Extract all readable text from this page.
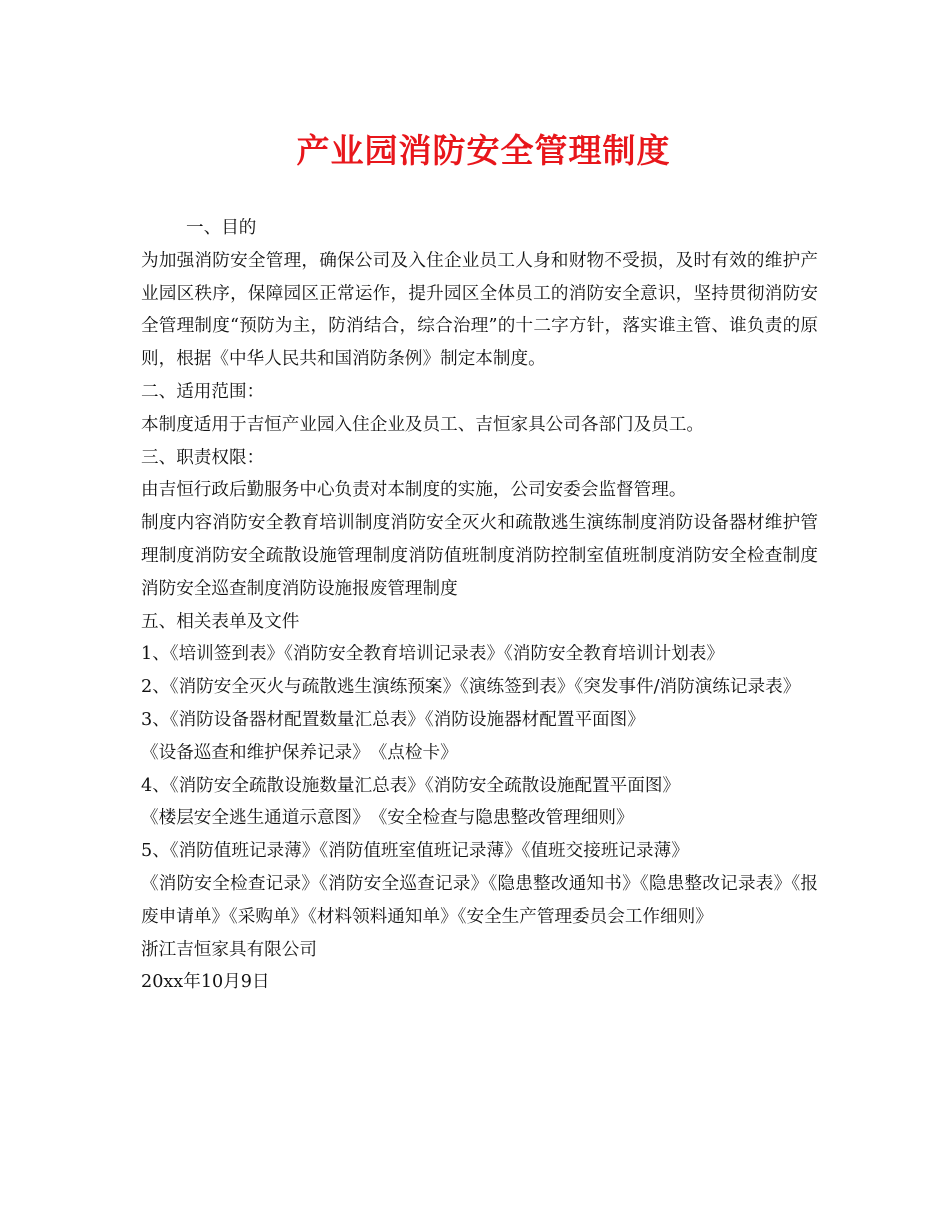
产业园消防安全管理制度

一、目的

为加强消防安全管理，确保公司及入住企业员工人身和财物不受损，及时有效的维护产业园区秩序，保障园区正常运作，提升园区全体员工的消防安全意识，坚持贯彻消防安全管理制度“预防为主，防消结合，综合治理”的十二字方针，落实谁主管、谁负责的原则，根据《中华人民共和国消防条例》制定本制度。

二、适用范围：

本制度适用于吉恒产业园入住企业及员工、吉恒家具公司各部门及员工。

三、职责权限：

由吉恒行政后勤服务中心负责对本制度的实施，公司安委会监督管理。

制度内容消防安全教育培训制度消防安全灭火和疏散逃生演练制度消防设备器材维护管理制度消防安全疏散设施管理制度消防值班制度消防控制室值班制度消防安全检查制度消防安全巡查制度消防设施报废管理制度

五、相关表单及文件

1、《培训签到表》《消防安全教育培训记录表》《消防安全教育培训计划表》

2、《消防安全灭火与疏散逃生演练预案》《演练签到表》《突发事件/消防演练记录表》

3、《消防设备器材配置数量汇总表》《消防设施器材配置平面图》

《设备巡查和维护保养记录》　《点检卡》

4、《消防安全疏散设施数量汇总表》《消防安全疏散设施配置平面图》

《楼层安全逃生通道示意图》　《安全检查与隐患整改管理细则》

5、《消防值班记录薄》《消防值班室值班记录薄》《值班交接班记录薄》

《消防安全检查记录》《消防安全巡查记录》《隐患整改通知书》《隐患整改记录表》《报废申请单》《采购单》《材料领料通知单》《安全生产管理委员会工作细则》

浙江吉恒家具有限公司

20xx年10月9日
